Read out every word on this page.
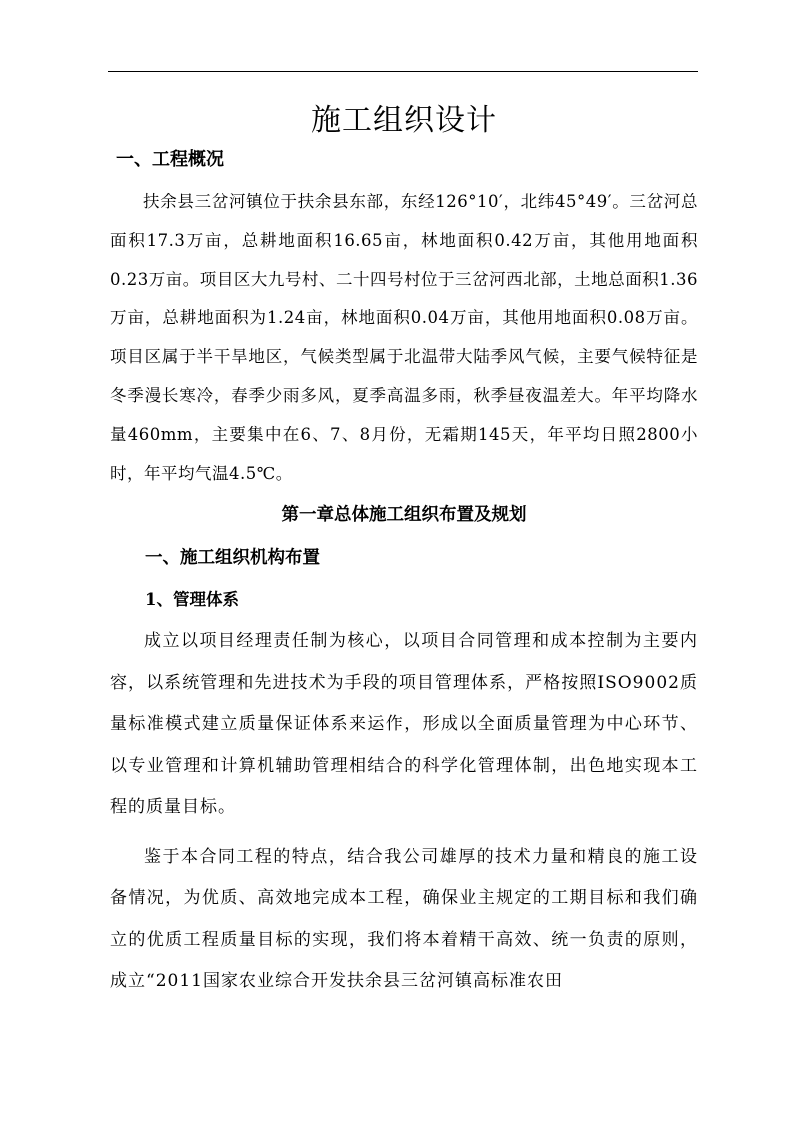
施工组织设计
一、工程概况

扶余县三岔河镇位于扶余县东部，东经126°10′，北纬45°49′。三岔河总面积17.3万亩，总耕地面积16.65亩，林地面积0.42万亩，其他用地面积0.23万亩。项目区大九号村、二十四号村位于三岔河西北部，土地总面积1.36万亩，总耕地面积为1.24亩，林地面积0.04万亩，其他用地面积0.08万亩。项目区属于半干旱地区，气候类型属于北温带大陆季风气候，主要气候特征是冬季漫长寒冷，春季少雨多风，夏季高温多雨，秋季昼夜温差大。年平均降水量460mm，主要集中在6、7、8月份，无霜期145天，年平均日照2800小时，年平均气温4.5℃。

第一章总体施工组织布置及规划
一、施工组织机构布置
1、管理体系

成立以项目经理责任制为核心，以项目合同管理和成本控制为主要内容，以系统管理和先进技术为手段的项目管理体系，严格按照ISO9002质量标准模式建立质量保证体系来运作，形成以全面质量管理为中心环节、以专业管理和计算机辅助管理相结合的科学化管理体制，出色地实现本工程的质量目标。

鉴于本合同工程的特点，结合我公司雄厚的技术力量和精良的施工设备情况，为优质、高效地完成本工程，确保业主规定的工期目标和我们确立的优质工程质量目标的实现，我们将本着精干高效、统一负责的原则，成立“2011国家农业综合开发扶余县三岔河镇高标准农田
